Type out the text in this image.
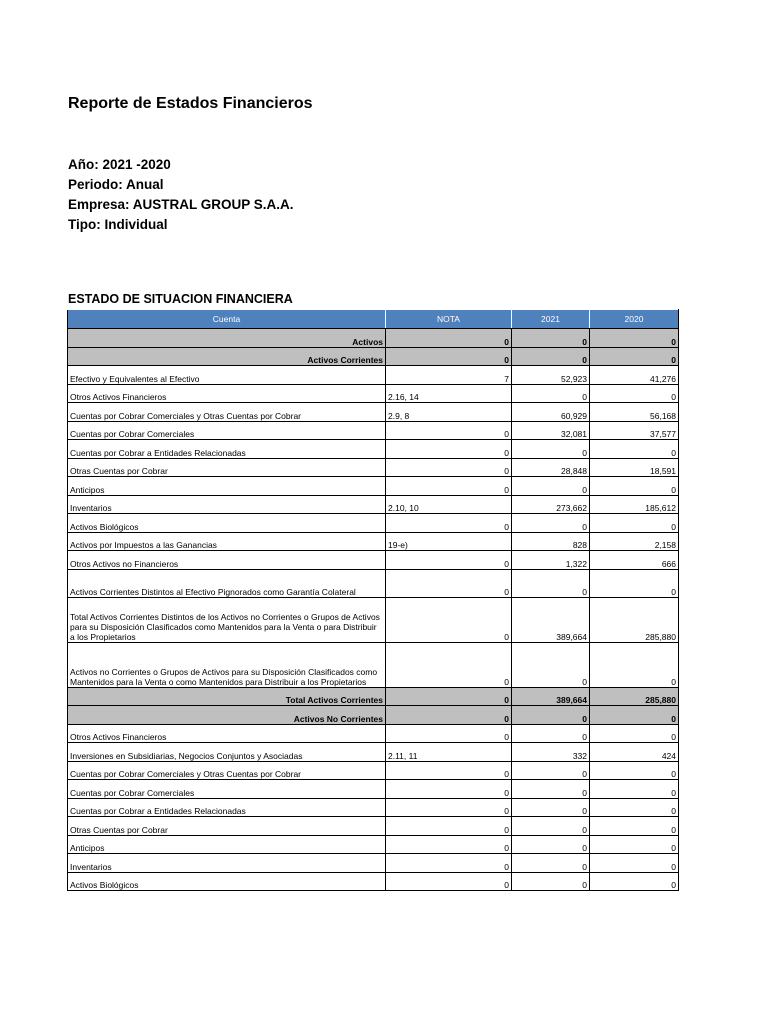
Reporte de Estados Financieros
Año: 2021 -2020
Periodo: Anual
Empresa: AUSTRAL GROUP S.A.A.
Tipo: Individual
ESTADO DE SITUACION FINANCIERA
Cuenta	NOTA	2021	2020
Activos	0	0	0
Activos Corrientes	0	0	0
Efectivo y Equivalentes al Efectivo	7	52,923	41,276
Otros Activos Financieros	2.16, 14	0	0
Cuentas por Cobrar Comerciales y Otras Cuentas por Cobrar	2.9, 8	60,929	56,168
Cuentas por Cobrar Comerciales	0	32,081	37,577
Cuentas por Cobrar a Entidades Relacionadas	0	0	0
Otras Cuentas por Cobrar	0	28,848	18,591
Anticipos	0	0	0
Inventarios	2.10, 10	273,662	185,612
Activos Biológicos	0	0	0
Activos por Impuestos a las Ganancias	19-e)	828	2,158
Otros Activos no Financieros	0	1,322	666
Activos Corrientes Distintos al Efectivo Pignorados como Garantía Colateral	0	0	0
Total Activos Corrientes Distintos de los Activos no Corrientes o Grupos de Activos para su Disposición Clasificados como Mantenidos para la Venta o para Distribuir a los Propietarios	0	389,664	285,880
Activos no Corrientes o Grupos de Activos para su Disposición Clasificados como Mantenidos para la Venta o como Mantenidos para Distribuir a los Propietarios	0	0	0
Total Activos Corrientes	0	389,664	285,880
Activos No Corrientes	0	0	0
Otros Activos Financieros	0	0	0
Inversiones en Subsidiarias, Negocios Conjuntos y Asociadas	2.11, 11	332	424
Cuentas por Cobrar Comerciales y Otras Cuentas por Cobrar	0	0	0
Cuentas por Cobrar Comerciales	0	0	0
Cuentas por Cobrar a Entidades Relacionadas	0	0	0
Otras Cuentas por Cobrar	0	0	0
Anticipos	0	0	0
Inventarios	0	0	0
Activos Biológicos	0	0	0
